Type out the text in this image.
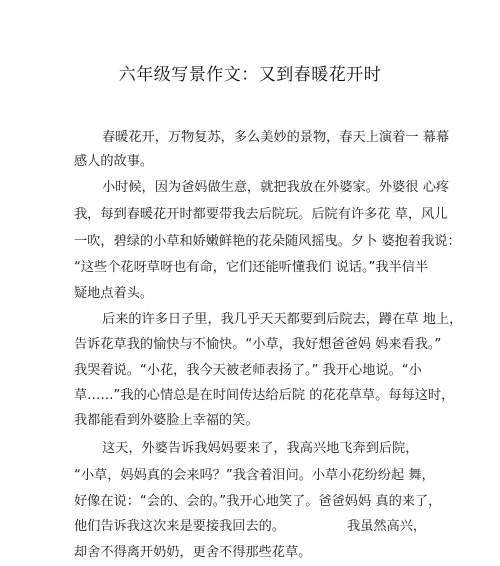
六年级写景作文：又到春暖花开时
春暖花开，万物复苏，多么美妙的景物，春天上演着一 幕幕
感人的故事。
小时候，因为爸妈做生意，就把我放在外婆家。外婆很 心疼
我，每到春暖花开时都要带我去后院玩。后院有许多花 草，风儿
一吹，碧绿的小草和娇嫩鲜艳的花朵随风摇曳。夕卜 婆抱着我说：
“这些个花呀草呀也有命，它们还能听懂我们 说话。”我半信半
疑地点着头。
后来的许多日子里，我几乎天天都要到后院去，蹲在草 地上，
告诉花草我的愉快与不愉快。“小草，我好想爸爸妈 妈来看我。”
我哭着说。“小花，我今天被老师表扬了。” 我开心地说。“小
草……”我的心情总是在时间传达给后院 的花花草草。每每这时，
我都能看到外婆脸上幸福的笑。
这天，外婆告诉我妈妈要来了，我高兴地飞奔到后院，
“小草，妈妈真的会来吗？”我含着泪问。小草小花纷纷起 舞，
好像在说：“会的、会的。”我开心地笑了。爸爸妈妈 真的来了，
他们告诉我这次来是要接我回去的。	我虽然高兴，
却舍不得离开奶奶，更舍不得那些花草。
